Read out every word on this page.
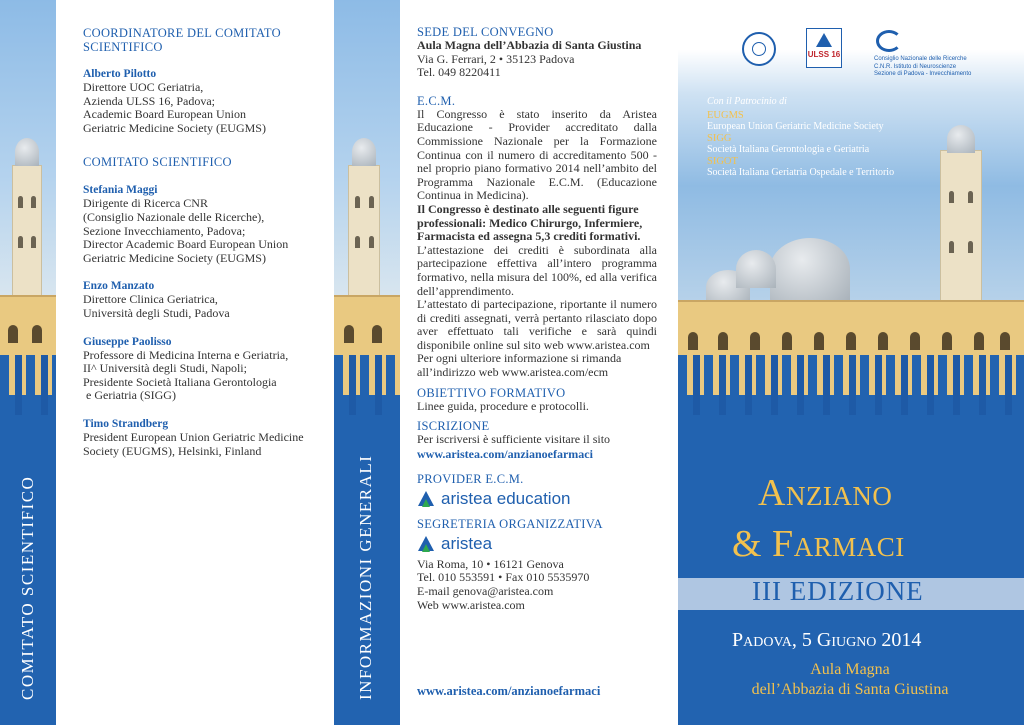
COORDINATORE DEL COMITATO SCIENTIFICO
Alberto Pilotto
Direttore UOC Geriatria,
Azienda ULSS 16, Padova;
Academic Board European Union
Geriatric Medicine Society (EUGMS)
COMITATO SCIENTIFICO
Stefania Maggi
Dirigente di Ricerca CNR
(Consiglio Nazionale delle Ricerche),
Sezione Invecchiamento, Padova;
Director Academic Board European Union
Geriatric Medicine Society (EUGMS)
Enzo Manzato
Direttore Clinica Geriatrica,
Università degli Studi, Padova
Giuseppe Paolisso
Professore di Medicina Interna e Geriatria,
II^ Università degli Studi, Napoli;
Presidente Società Italiana Gerontologia
e Geriatria (SIGG)
Timo Strandberg
President European Union Geriatric Medicine
Society (EUGMS), Helsinki, Finland
COMITATO SCIENTIFICO	INFORMAZIONI GENERALI
SEDE DEL CONVEGNO
Aula Magna dell’Abbazia di Santa Giustina
Via G. Ferrari, 2 • 35123 Padova
Tel. 049 8220411
E.C.M.
Il Congresso è stato inserito da Aristea Educazione - Provider accreditato dalla Commissione Nazionale per la Formazione Continua con il numero di accreditamento 500 - nel proprio piano formativo 2014 nell’ambito del Programma Nazionale E.C.M. (Educazione Continua in Medicina).
Il Congresso è destinato alle seguenti figure professionali: Medico Chirurgo, Infermiere, Farmacista ed assegna 5,3 crediti formativi.
L’attestazione dei crediti è subordinata alla partecipazione effettiva all’intero programma formativo, nella misura del 100%, ed alla verifica dell’apprendimento.
L’attestato di partecipazione, riportante il numero di crediti assegnati, verrà pertanto rilasciato dopo aver effettuato tali verifiche e sarà quindi disponibile online sul sito web www.aristea.com
Per ogni ulteriore informazione si rimanda all’indirizzo web www.aristea.com/ecm
OBIETTIVO FORMATIVO
Linee guida, procedure e protocolli.
ISCRIZIONE
Per iscriversi è sufficiente visitare il sito
www.aristea.com/anzianoefarmaci
PROVIDER E.C.M.
aristea education
SEGRETERIA ORGANIZZATIVA
aristea
Via Roma, 10 • 16121 Genova
Tel. 010 553591 • Fax 010 5535970
E-mail genova@aristea.com
Web www.aristea.com
www.aristea.com/anzianoefarmaci
ULSS 16	Consiglio Nazionale delle Ricerche
C.N.R. Istituto di Neuroscienze
Sezione di Padova - Invecchiamento
Con il Patrocinio di
EUGMS
European Union Geriatric Medicine Society
SIGG
Società Italiana Gerontologia e Geriatria
SIGOT
Società Italiana Geriatria Ospedale e Territorio
Anziano
& Farmaci
III EDIZIONE
Padova, 5 Giugno 2014
Aula Magna
dell’Abbazia di Santa Giustina
